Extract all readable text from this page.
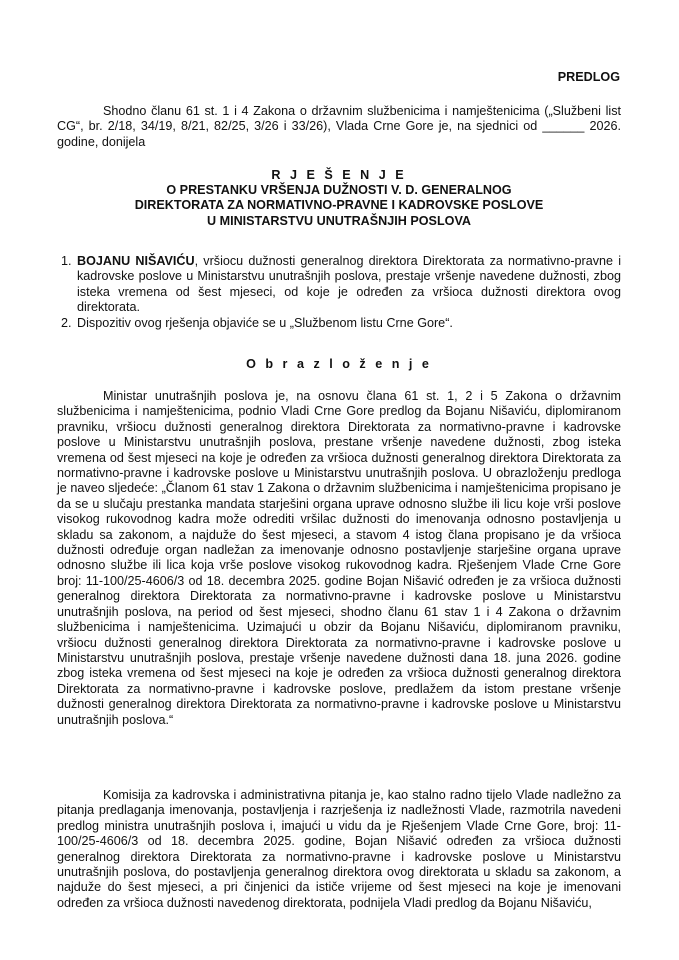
PREDLOG
Shodno članu 61 st. 1 i 4 Zakona o državnim službenicima i namještenicima („Službeni list CG“, br. 2/18, 34/19, 8/21, 82/25, 3/26 i 33/26), Vlada Crne Gore je, na sjednici od ______ 2026. godine, donijela
R J E Š E N J E
O PRESTANKU VRŠENJA DUŽNOSTI V. D. GENERALNOG
DIREKTORATA ZA NORMATIVNO-PRAVNE I KADROVSKE POSLOVE
U MINISTARSTVU UNUTRAŠNJIH POSLOVA
1. BOJANU NIŠAVIĆU, vršiocu dužnosti generalnog direktora Direktorata za normativno-pravne i kadrovske poslove u Ministarstvu unutrašnjih poslova, prestaje vršenje navedene dužnosti, zbog isteka vremena od šest mjeseci, od koje je određen za vršioca dužnosti direktora ovog direktorata.
2. Dispozitiv ovog rješenja objaviće se u „Službenom listu Crne Gore“.
O b r a z l o ž e n j e
Ministar unutrašnjih poslova je, na osnovu člana 61 st. 1, 2 i 5 Zakona o državnim službenicima i namještenicima, podnio Vladi Crne Gore predlog da Bojanu Nišaviću, diplomiranom pravniku, vršiocu dužnosti generalnog direktora Direktorata za normativno-pravne i kadrovske poslove u Ministarstvu unutrašnjih poslova, prestane vršenje navedene dužnosti, zbog isteka vremena od šest mjeseci na koje je određen za vršioca dužnosti generalnog direktora Direktorata za normativno-pravne i kadrovske poslove u Ministarstvu unutrašnjih poslova. U obrazloženju predloga je naveo sljedeće: „Članom 61 stav 1 Zakona o državnim službenicima i namještenicima propisano je da se u slučaju prestanka mandata starješini organa uprave odnosno službe ili licu koje vrši poslove visokog rukovodnog kadra može odrediti vršilac dužnosti do imenovanja odnosno postavljenja u skladu sa zakonom, a najduže do šest mjeseci, a stavom 4 istog člana propisano je da vršioca dužnosti određuje organ nadležan za imenovanje odnosno postavljenje starješine organa uprave odnosno službe ili lica koja vrše poslove visokog rukovodnog kadra. Rješenjem Vlade Crne Gore broj: 11-100/25-4606/3 od 18. decembra 2025. godine Bojan Nišavić određen je za vršioca dužnosti generalnog direktora Direktorata za normativno-pravne i kadrovske poslove u Ministarstvu unutrašnjih poslova, na period od šest mjeseci, shodno članu 61 stav 1 i 4 Zakona o državnim službenicima i namještenicima. Uzimajući u obzir da Bojanu Nišaviću, diplomiranom pravniku, vršiocu dužnosti generalnog direktora Direktorata za normativno-pravne i kadrovske poslove u Ministarstvu unutrašnjih poslova, prestaje vršenje navedene dužnosti dana 18. juna 2026. godine zbog isteka vremena od šest mjeseci na koje je određen za vršioca dužnosti generalnog direktora Direktorata za normativno-pravne i kadrovske poslove, predlažem da istom prestane vršenje dužnosti generalnog direktora Direktorata za normativno-pravne i kadrovske poslove u Ministarstvu unutrašnjih poslova.“
Komisija za kadrovska i administrativna pitanja je, kao stalno radno tijelo Vlade nadležno za pitanja predlaganja imenovanja, postavljenja i razrješenja iz nadležnosti Vlade, razmotrila navedeni predlog ministra unutrašnjih poslova i, imajući u vidu da je Rješenjem Vlade Crne Gore, broj: 11-100/25-4606/3 od 18. decembra 2025. godine, Bojan Nišavić određen za vršioca dužnosti generalnog direktora Direktorata za normativno-pravne i kadrovske poslove u Ministarstvu unutrašnjih poslova, do postavljenja generalnog direktora ovog direktorata u skladu sa zakonom, a najduže do šest mjeseci, a pri činjenici da ističe vrijeme od šest mjeseci na koje je imenovani određen za vršioca dužnosti navedenog direktorata, podnijela Vladi predlog da Bojanu Nišaviću,
